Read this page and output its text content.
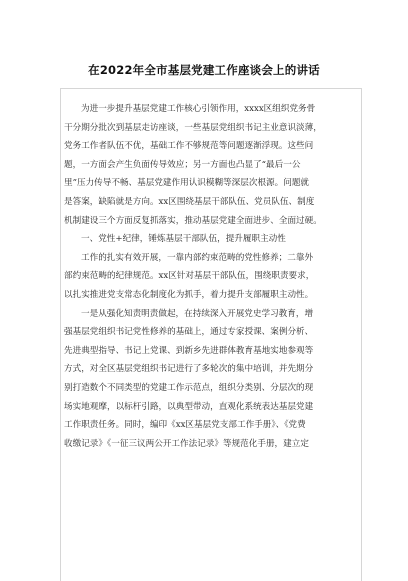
在2022年全市基层党建工作座谈会上的讲话
为进一步提升基层党建工作核心引领作用，xxxx区组织党务骨
干分期分批次到基层走访座谈，一些基层党组织书记主业意识淡薄，
党务工作者队伍不优，基础工作不够规范等问题逐渐浮现。这些问
题，一方面会产生负面传导效应；另一方面也凸显了“最后一公
里”压力传导不畅、基层党建作用认识模糊等深层次根源。问题就
是答案，缺陷就是方向。xx区围绕基层干部队伍、党员队伍、制度
机制建设三个方面反复抓落实，推动基层党建全面进步、全面过硬。
一、党性+纪律，锤炼基层干部队伍，提升履职主动性
工作的扎实有效开展，一靠内部约束范畴的党性修养；二靠外
部约束范畴的纪律规范。xx区针对基层干部队伍，围绕职责要求，
以扎实推进党支常态化制度化为抓手，着力提升支部履职主动性。
一是从强化知责明责做起，在持续深入开展党史学习教育，增
强基层党组织书记党性修养的基础上，通过专家授课、案例分析、
先进典型指导、书记上党课、到新乡先进群体教育基地实地参观等
方式，对全区基层党组织书记进行了多轮次的集中培训，并先期分
别打造数个不同类型的党建工作示范点，组织分类别、分层次的现
场实地观摩，以标杆引路，以典型带动，直观化系统表达基层党建
工作职责任务。同时，编印《xx区基层党支部工作手册》、《党费
收缴记录》《一征三议两公开工作法记录》等规范化手册，建立定
